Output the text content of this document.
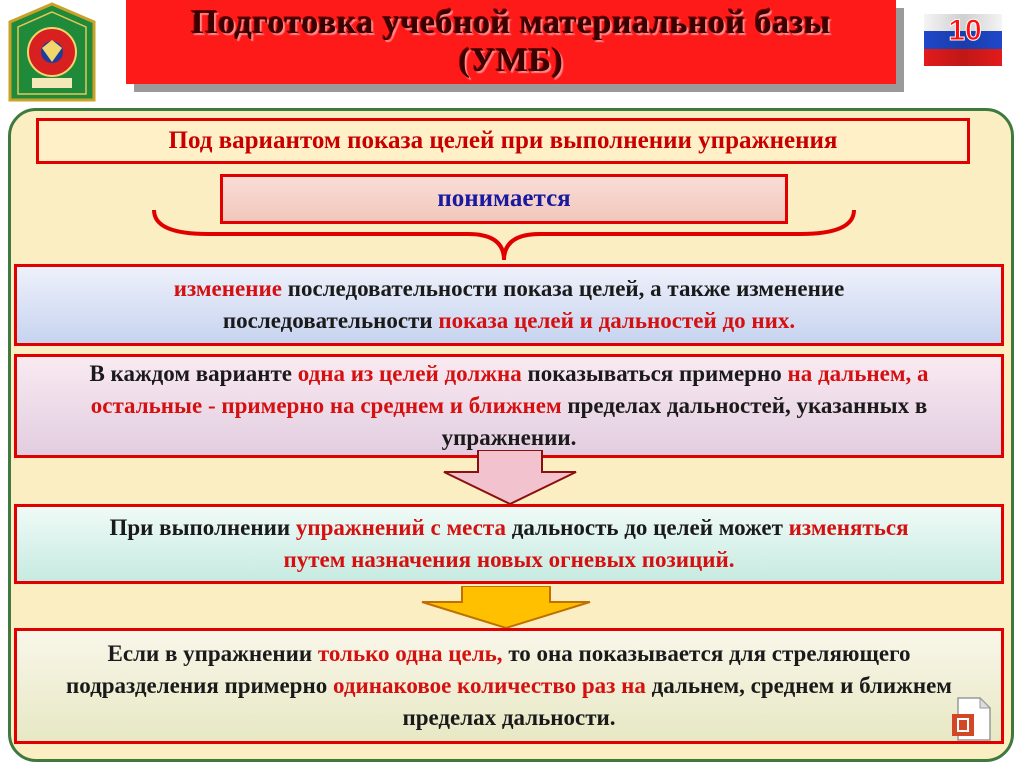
Подготовка учебной материальной базы
(УМБ)
10
Под вариантом показа целей при выполнении упражнения
понимается
изменение последовательности показа целей, а также изменение последовательности показа целей и дальностей до них.
В каждом варианте одна из целей должна показываться примерно на дальнем, а остальные - примерно на среднем и ближнем пределах дальностей, указанных в упражнении.
При выполнении упражнений с места дальность до целей может изменяться путем назначения новых огневых позиций.
Если в упражнении только одна цель, то она показывается для стреляющего подразделения примерно одинаковое количество раз на дальнем, среднем и ближнем пределах дальности.
